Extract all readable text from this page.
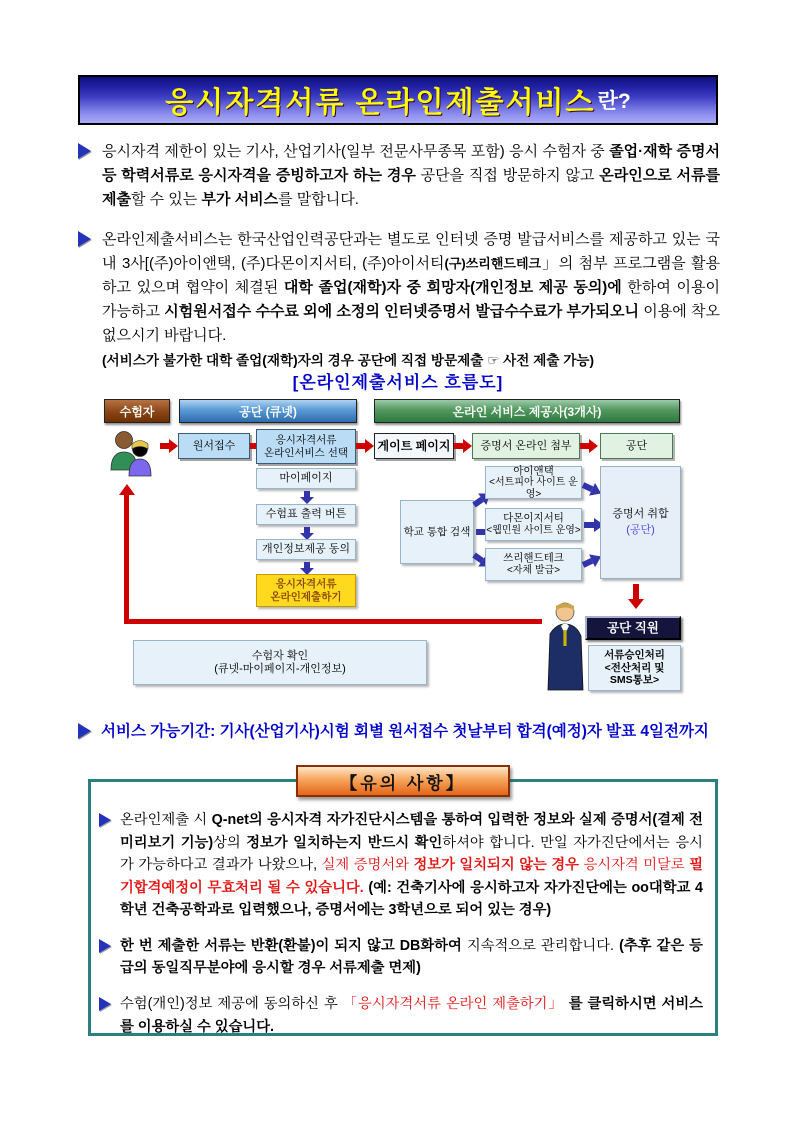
응시자격서류 온라인제출서비스 란?
응시자격 제한이 있는 기사, 산업기사(일부 전문사무종목 포함) 응시 수험자 중 졸업·재학 증명서 등 학력서류로 응시자격을 증빙하고자 하는 경우 공단을 직접 방문하지 않고 온라인으로 서류를 제출할 수 있는 부가 서비스를 말합니다.
온라인제출서비스는 한국산업인력공단과는 별도로 인터넷 증명 발급서비스를 제공하고 있는 국내 3사[(주)아이앤택, (주)다몬이지서티, (주)아이서티(구)쓰리핸드테크」의 첨부 프로그램을 활용하고 있으며 협약이 체결된 대학 졸업(재학)자 중 희망자(개인정보 제공 동의)에 한하여 이용이 가능하고 시험원서접수 수수료 외에 소정의 인터넷증명서 발급수수료가 부가되오니 이용에 착오 없으시기 바랍니다.
(서비스가 불가한 대학 졸업(재학)자의 경우 공단에 직접 방문제출 ☞ 사전 제출 가능)
[온라인제출서비스 흐름도]
수험자	공단 (큐넷)	온라인 서비스 제공사(3개사)
원서접수	응시자격서류
온라인서비스 선택 게이트 페이지	증명서 온라인 첨부	공단
마이페이지
수험표 출력 버튼
개인정보제공 동의
응시자격서류
온라인제출하기
학교 통합 검색
아이앤택
<서트피아 사이트 운영>
다몬이지서티
<웹민원 사이트 운영>
쓰리핸드테크
<자체 발급>
증명서 취합
(공단)
공단 직원
서류승인처리
<전산처리 및
SMS통보>
수험자 확인
(큐넷-마이페이지-개인정보)
서비스 가능기간: 기사(산업기사)시험 회별 원서접수 첫날부터 합격(예정)자 발표 4일전까지
【유의 사항】
온라인제출 시 Q-net의 응시자격 자가진단시스템을 통하여 입력한 정보와 실제 증명서(결제 전 미리보기 기능)상의 정보가 일치하는지 반드시 확인하셔야 합니다. 만일 자가진단에서는 응시가 가능하다고 결과가 나왔으나, 실제 증명서와 정보가 일치되지 않는 경우 응시자격 미달로 필기합격예정이 무효처리 될 수 있습니다. (예: 건축기사에 응시하고자 자가진단에는 oo대학교 4학년 건축공학과로 입력했으나, 증명서에는 3학년으로 되어 있는 경우)
한 번 제출한 서류는 반환(환불)이 되지 않고 DB화하여 지속적으로 관리합니다. (추후 같은 등급의 동일직무분야에 응시할 경우 서류제출 면제)
수험(개인)정보 제공에 동의하신 후 「응시자격서류 온라인 제출하기」 를 클릭하시면 서비스를 이용하실 수 있습니다.
